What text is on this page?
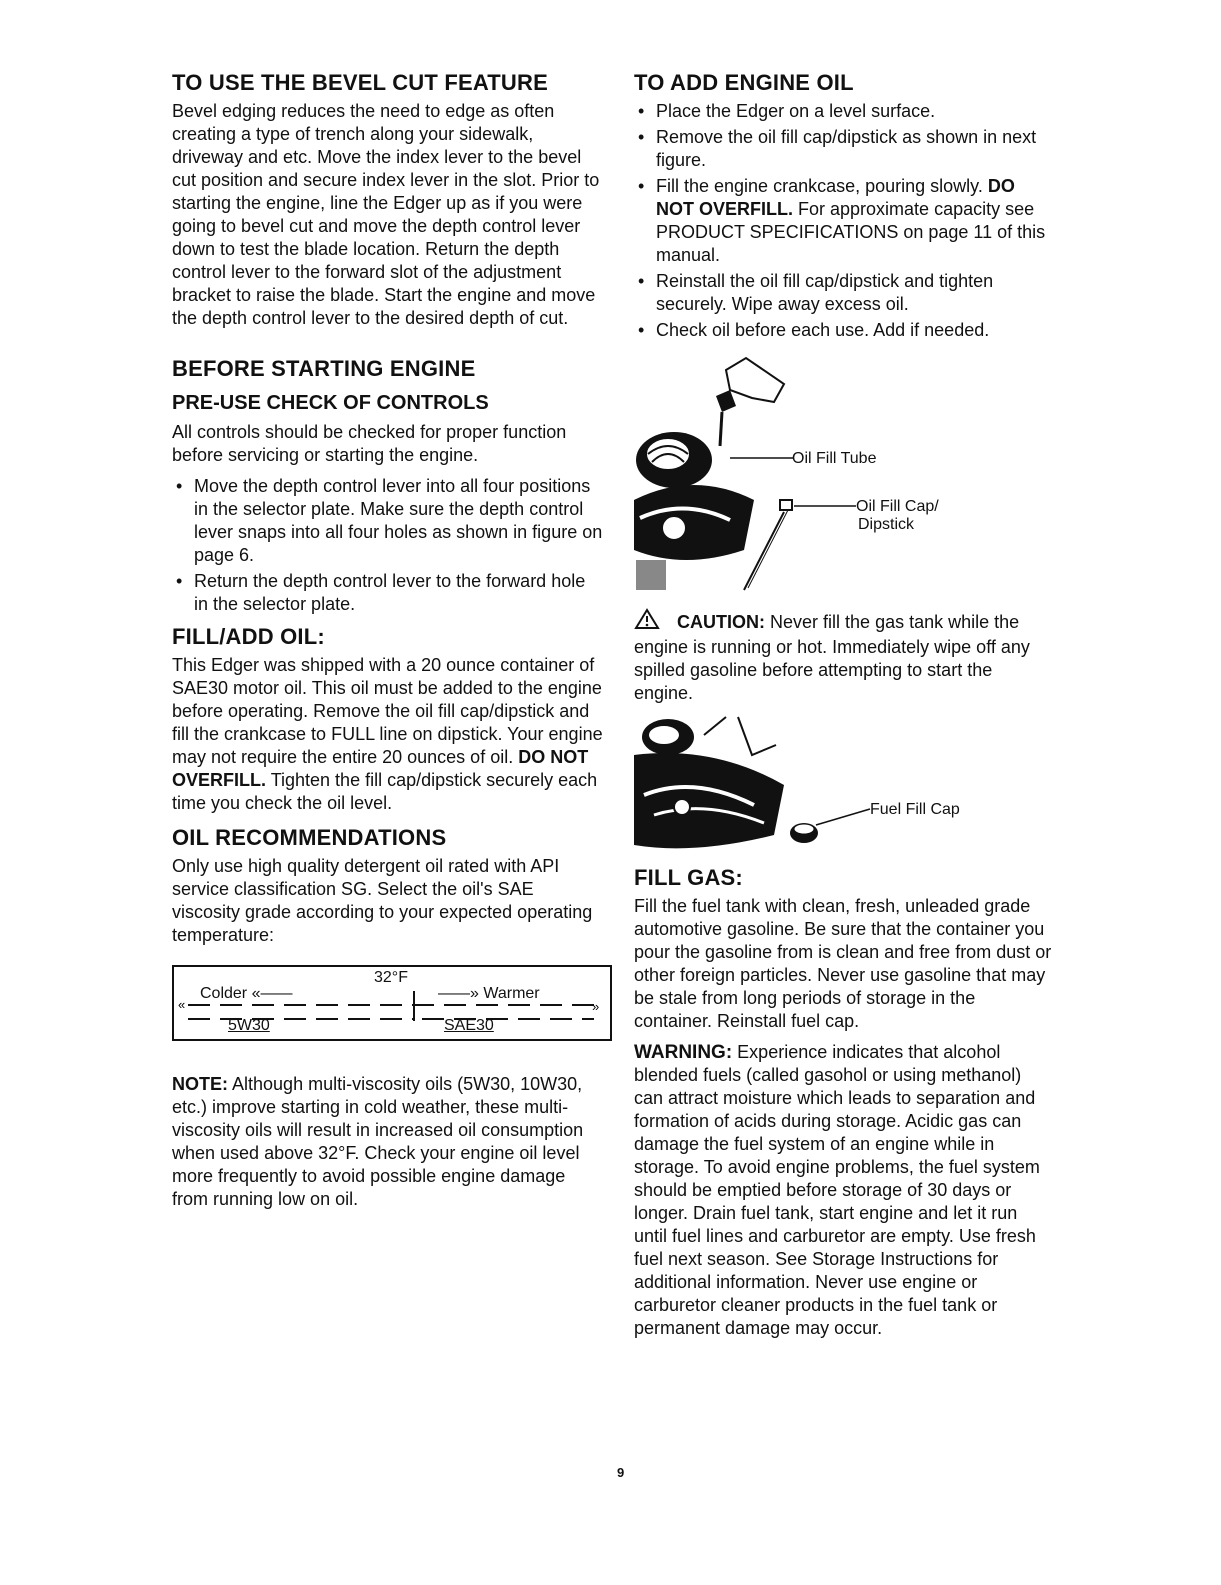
TO USE THE BEVEL CUT FEATURE

Bevel edging reduces the need to edge as often creating a type of trench along your sidewalk, driveway and etc. Move the index lever to the bevel cut position and secure index lever in the slot. Prior to starting the engine, line the Edger up as if you were going to bevel cut and move the depth control lever down to test the blade location. Return the depth control lever to the forward slot of the adjustment bracket to raise the blade. Start the engine and move the depth control lever to the desired depth of cut.

BEFORE STARTING ENGINE
PRE-USE CHECK OF CONTROLS

All controls should be checked for proper function before servicing or starting the engine.

• Move the depth control lever into all four positions in the selector plate. Make sure the depth control lever snaps into all four holes as shown in figure on page 6.
• Return the depth control lever to the forward hole in the selector plate.
FILL/ADD OIL:

This Edger was shipped with a 20 ounce container of SAE30 motor oil. This oil must be added to the engine before operating. Remove the oil fill cap/dipstick and fill the crankcase to FULL line on dipstick. Your engine may not require the entire 20 ounces of oil. DO NOT OVERFILL. Tighten the fill cap/dipstick securely each time you check the oil level.

OIL RECOMMENDATIONS

Only use high quality detergent oil rated with API service classification SG. Select the oil's SAE viscosity grade according to your expected operating temperature:

32°F
Colder «——	——» Warmer
«	»
5W30	SAE30

NOTE: Although multi-viscosity oils (5W30, 10W30, etc.) improve starting in cold weather, these multi-viscosity oils will result in increased oil consumption when used above 32°F. Check your engine oil level more frequently to avoid possible engine damage from running low on oil.

TO ADD ENGINE OIL
• Place the Edger on a level surface.
• Remove the oil fill cap/dipstick as shown in next figure.
• Fill the engine crankcase, pouring slowly. DO NOT OVERFILL. For approximate capacity see PRODUCT SPECIFICATIONS on page 11 of this manual.
• Reinstall the oil fill cap/dipstick and tighten securely. Wipe away excess oil.
• Check oil before each use. Add if needed.
Oil Fill Tube
Oil Fill Cap/
Dipstick

CAUTION: Never fill the gas tank while the engine is running or hot. Immediately wipe off any spilled gasoline before attempting to start the engine.

Fuel Fill Cap
FILL GAS:

Fill the fuel tank with clean, fresh, unleaded grade automotive gasoline. Be sure that the container you pour the gasoline from is clean and free from dust or other foreign particles. Never use gasoline that may be stale from long periods of storage in the container. Reinstall fuel cap.

WARNING: Experience indicates that alcohol blended fuels (called gasohol or using methanol) can attract moisture which leads to separation and formation of acids during storage. Acidic gas can damage the fuel system of an engine while in storage. To avoid engine problems, the fuel system should be emptied before storage of 30 days or longer. Drain fuel tank, start engine and let it run until fuel lines and carburetor are empty. Use fresh fuel next season. See Storage Instructions for additional information. Never use engine or carburetor cleaner products in the fuel tank or permanent damage may occur.

9
